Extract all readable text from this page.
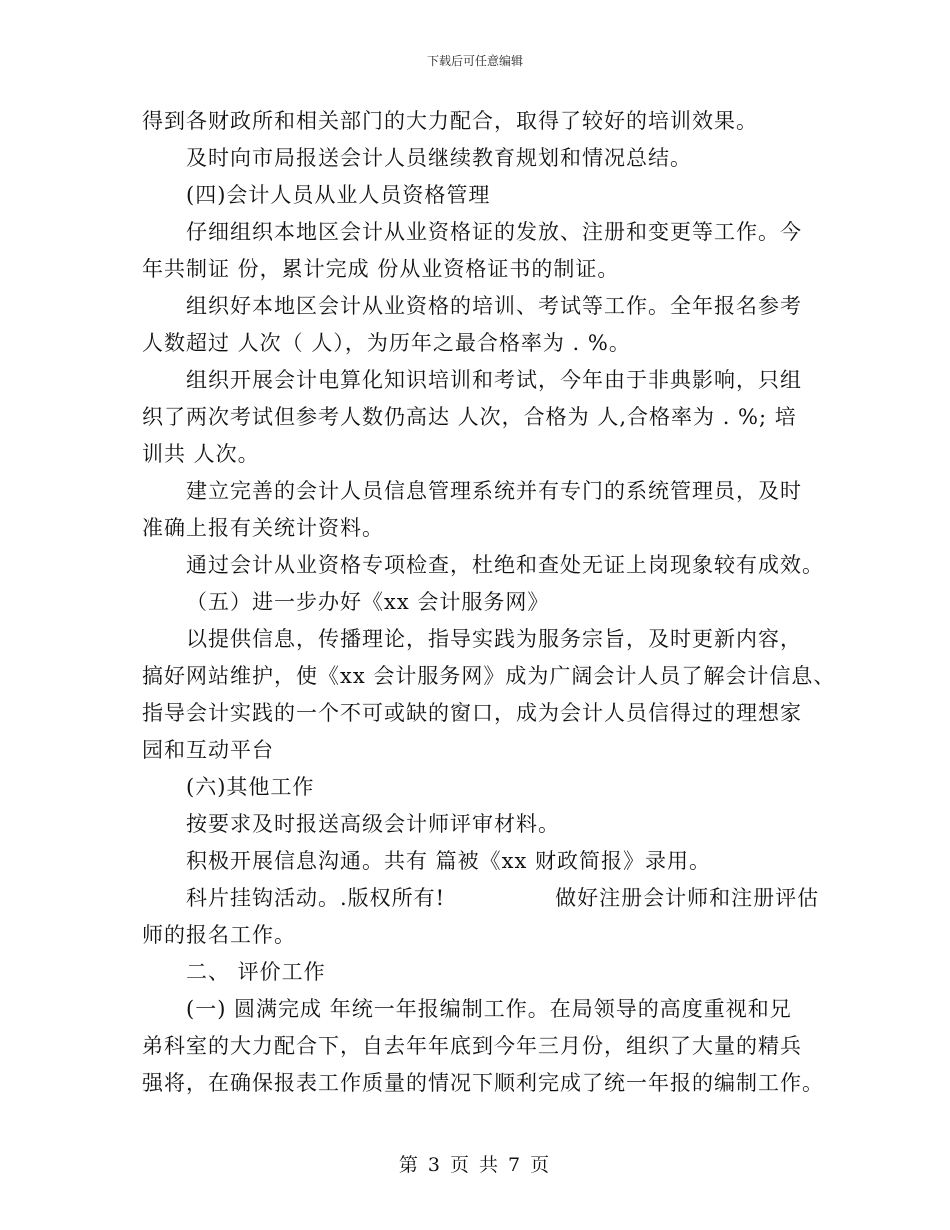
下载后可任意编辑
得到各财政所和相关部门的大力配合，取得了较好的培训效果。
及时向市局报送会计人员继续教育规划和情况总结。
(四)会计人员从业人员资格管理
仔细组织本地区会计从业资格证的发放、注册和变更等工作。今
年共制证 份，累计完成 份从业资格证书的制证。
组织好本地区会计从业资格的培训、考试等工作。全年报名参考
人数超过 人次（ 人），为历年之最合格率为 . %。
组织开展会计电算化知识培训和考试，今年由于非典影响，只组
织了两次考试但参考人数仍高达 人次，合格为 人,合格率为 . %; 培
训共 人次。
建立完善的会计人员信息管理系统并有专门的系统管理员，及时
准确上报有关统计资料。
通过会计从业资格专项检查，杜绝和查处无证上岗现象较有成效。
（五）进一步办好《xx 会计服务网》
以提供信息，传播理论，指导实践为服务宗旨，及时更新内容，
搞好网站维护，使《xx 会计服务网》成为广阔会计人员了解会计信息、
指导会计实践的一个不可或缺的窗口，成为会计人员信得过的理想家
园和互动平台
(六)其他工作
按要求及时报送高级会计师评审材料。
积极开展信息沟通。共有 篇被《xx 财政简报》录用。
科片挂钩活动。.版权所有!　　　　　做好注册会计师和注册评估
师的报名工作。
二、 评价工作
(一) 圆满完成 年统一年报编制工作。在局领导的高度重视和兄
弟科室的大力配合下，自去年年底到今年三月份，组织了大量的精兵
强将，在确保报表工作质量的情况下顺利完成了统一年报的编制工作。
第 3 页 共 7 页
